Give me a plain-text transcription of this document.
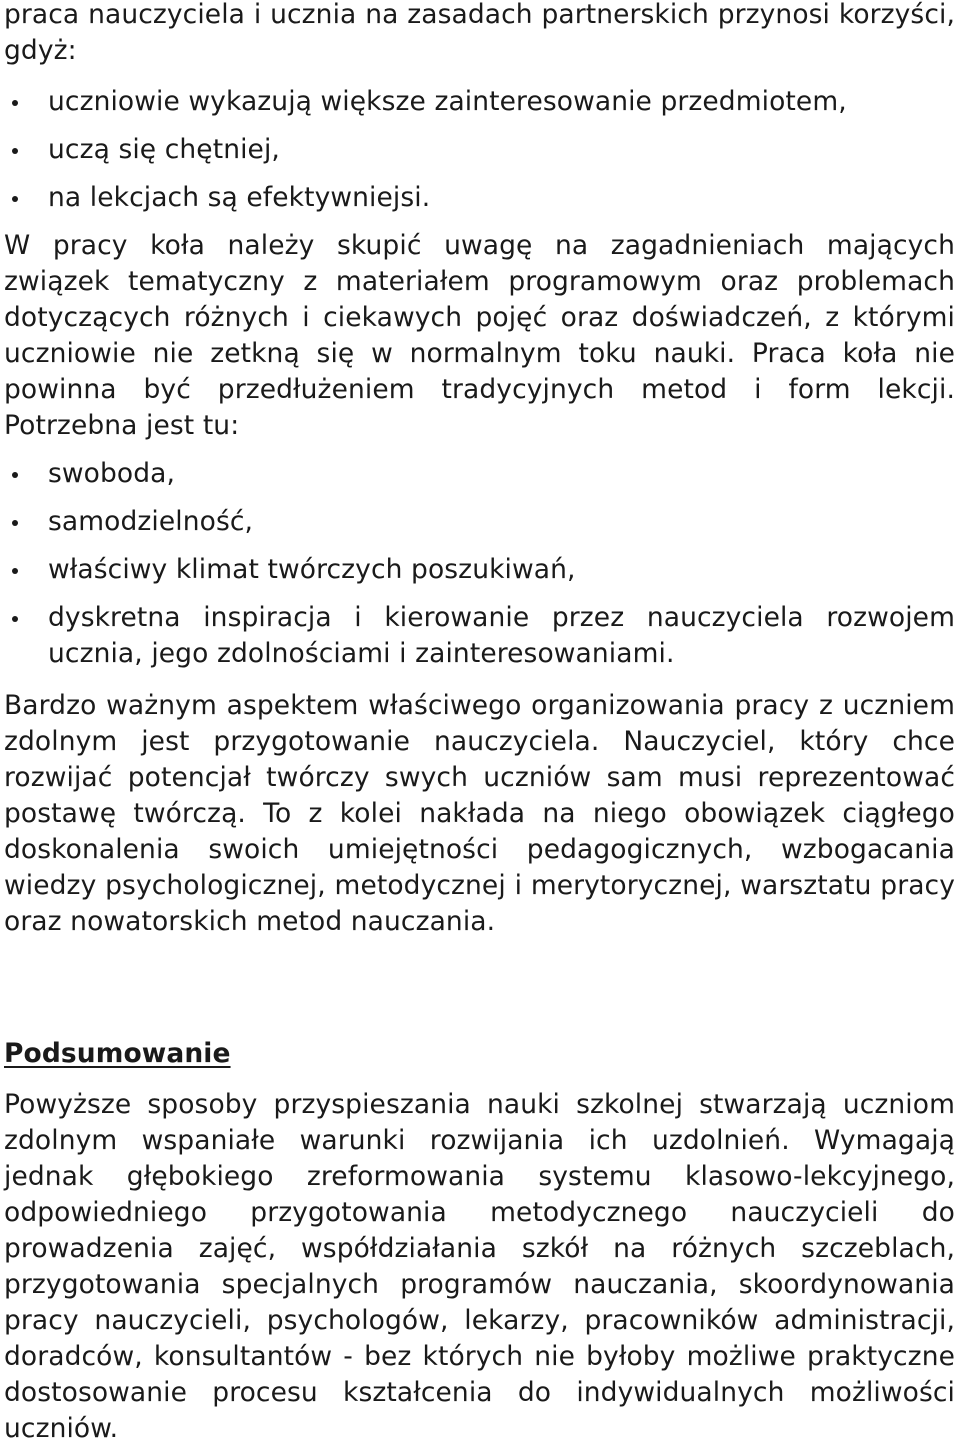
praca nauczyciela i ucznia na zasadach partnerskich przynosi korzyści, gdyż:

uczniowie wykazują większe zainteresowanie przedmiotem,
uczą się chętniej,
na lekcjach są efektywniejsi.

W pracy koła należy skupić uwagę na zagadnieniach mających związek tematyczny z materiałem programowym oraz problemach dotyczących różnych i ciekawych pojęć oraz doświadczeń, z którymi uczniowie nie zetkną się w normalnym toku nauki. Praca koła nie powinna być przedłużeniem tradycyjnych metod i form lekcji. Potrzebna jest tu:

swoboda,
samodzielność,
właściwy klimat twórczych poszukiwań,
dyskretna inspiracja i kierowanie przez nauczyciela rozwojem ucznia, jego zdolnościami i zainteresowaniami.

Bardzo ważnym aspektem właściwego organizowania pracy z uczniem zdolnym jest przygotowanie nauczyciela. Nauczyciel, który chce rozwijać potencjał twórczy swych uczniów sam musi reprezentować postawę twórczą. To z kolei nakłada na niego obowiązek ciągłego doskonalenia swoich umiejętności pedagogicznych, wzbogacania wiedzy psychologicznej, metodycznej i merytorycznej, warsztatu pracy oraz nowatorskich metod nauczania.

Podsumowanie

Powyższe sposoby przyspieszania nauki szkolnej stwarzają uczniom zdolnym wspaniałe warunki rozwijania ich uzdolnień. Wymagają jednak głębokiego zreformowania systemu klasowo-lekcyjnego, odpowiedniego przygotowania metodycznego nauczycieli do prowadzenia zajęć, współdziałania szkół na różnych szczeblach, przygotowania specjalnych programów nauczania, skoordynowania pracy nauczycieli, psychologów, lekarzy, pracowników administracji, doradców, konsultantów - bez których nie byłoby możliwe praktyczne dostosowanie procesu kształcenia do indywidualnych możliwości uczniów.
